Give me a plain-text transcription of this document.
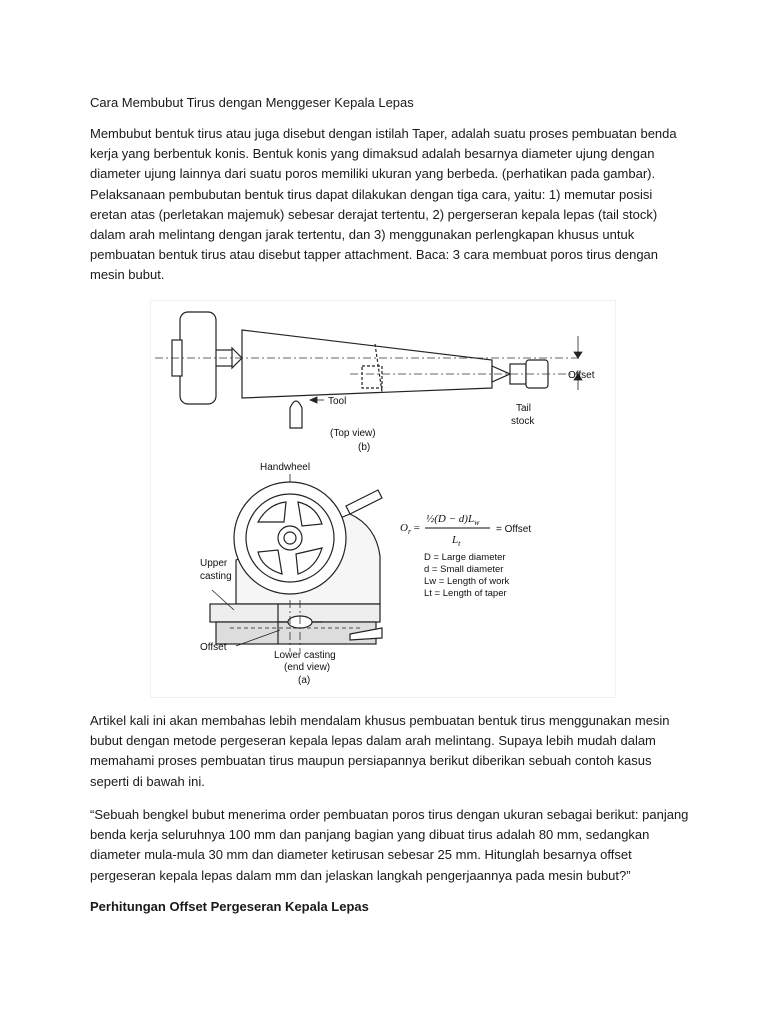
Cara Membubut Tirus dengan Menggeser Kepala Lepas
Membubut bentuk tirus atau juga disebut dengan istilah Taper, adalah suatu proses pembuatan benda
kerja yang berbentuk konis. Bentuk konis yang dimaksud adalah besarnya diameter ujung dengan
diameter ujung lainnya dari suatu poros memiliki ukuran yang berbeda. (perhatikan pada gambar).
Pelaksanaan pembubutan bentuk tirus dapat dilakukan dengan tiga cara, yaitu: 1) memutar posisi
eretan atas (perletakan majemuk) sebesar derajat tertentu, 2) pergerseran kepala lepas (tail stock)
dalam arah melintang dengan jarak tertentu, dan 3) menggunakan perlengkapan khusus untuk
pembuatan bentuk tirus atau disebut tapper attachment. Baca: 3 cara membuat poros tirus dengan
mesin bubut.
Tool
Offset
Tail
stock
(Top view)
(b)
Handwheel
Upper
casting
Offset
Lower casting
(end view)
(a)
$O_r$ =
½(D − $d)L_w$
$L_t$
= Offset
D = Large diameter
d = Small diameter
Lw = Length of work
Lt = Length of taper
Artikel kali ini akan membahas lebih mendalam khusus pembuatan bentuk tirus menggunakan mesin
bubut dengan metode pergeseran kepala lepas dalam arah melintang. Supaya lebih mudah dalam
memahami proses pembuatan tirus maupun persiapannya berikut diberikan sebuah contoh kasus
seperti di bawah ini.
“Sebuah bengkel bubut menerima order pembuatan poros tirus dengan ukuran sebagai berikut: panjang
benda kerja seluruhnya 100 mm dan panjang bagian yang dibuat tirus adalah 80 mm, sedangkan
diameter mula-mula 30 mm dan diameter ketirusan sebesar 25 mm. Hitunglah besarnya offset
pergeseran kepala lepas dalam mm dan jelaskan langkah pengerjaannya pada mesin bubut?”
Perhitungan Offset Pergeseran Kepala Lepas
